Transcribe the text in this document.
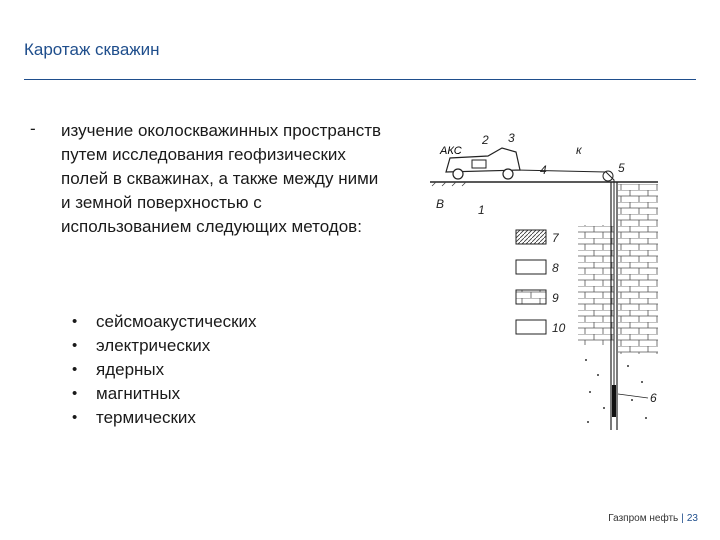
Каротаж скважин
- изучение околоскважинных пространств путем исследования геофизических полей в скважинах, а также между ними и земной поверхностью с использованием следующих методов:
• сейсмоакустических
• электрических
• ядерных
• магнитных
• термических
АКС
2 3
к
4	5
В	1
7
8
9
10
6
Газпром нефть | 23
